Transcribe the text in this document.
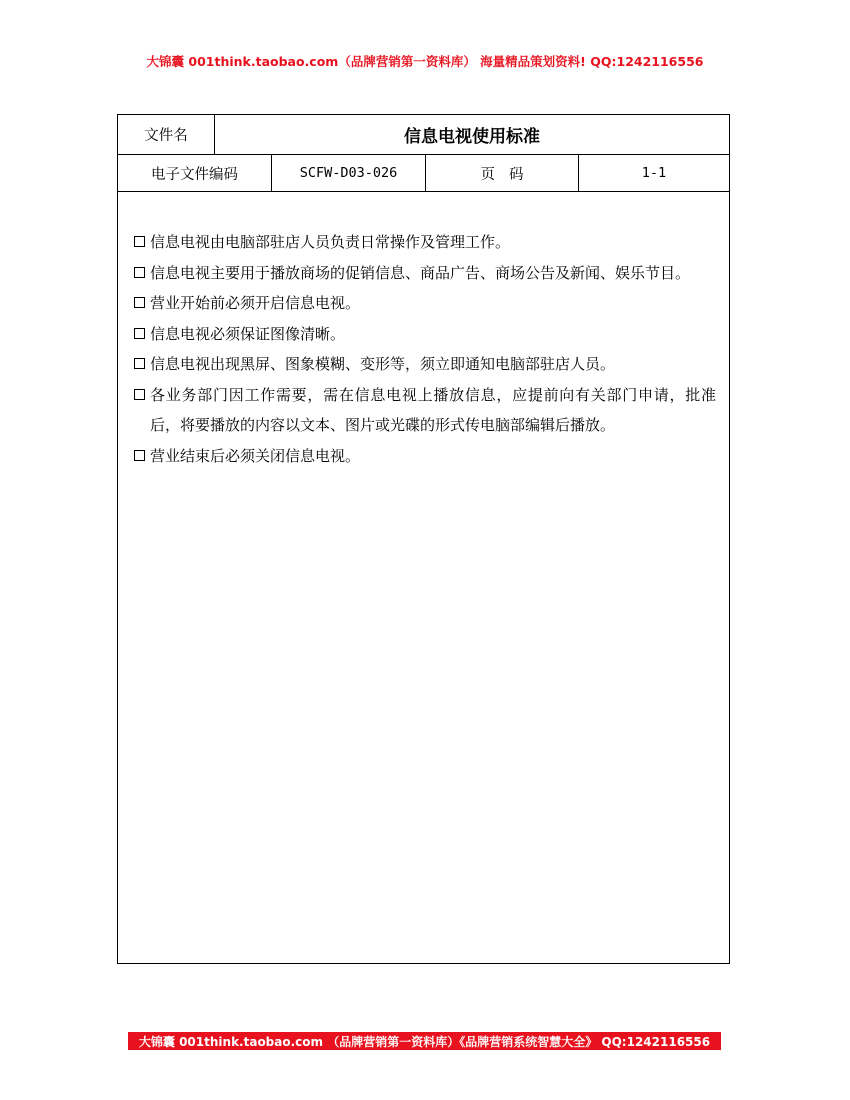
大锦囊 001think.taobao.com（品牌营销第一资料库） 海量精品策划资料! QQ:1242116556
文件名	信息电视使用标准
电子文件编码	SCFW-D03-026	页码	1-1
信息电视由电脑部驻店人员负责日常操作及管理工作。
信息电视主要用于播放商场的促销信息、商品广告、商场公告及新闻、娱乐节目。
营业开始前必须开启信息电视。
信息电视必须保证图像清晰。
信息电视出现黑屏、图象模糊、变形等，须立即通知电脑部驻店人员。
各业务部门因工作需要，需在信息电视上播放信息，应提前向有关部门申请，批准后，将要播放的内容以文本、图片或光碟的形式传电脑部编辑后播放。
营业结束后必须关闭信息电视。
大锦囊 001think.taobao.com （品牌营销第一资料库）《品牌营销系统智慧大全》 QQ:1242116556
